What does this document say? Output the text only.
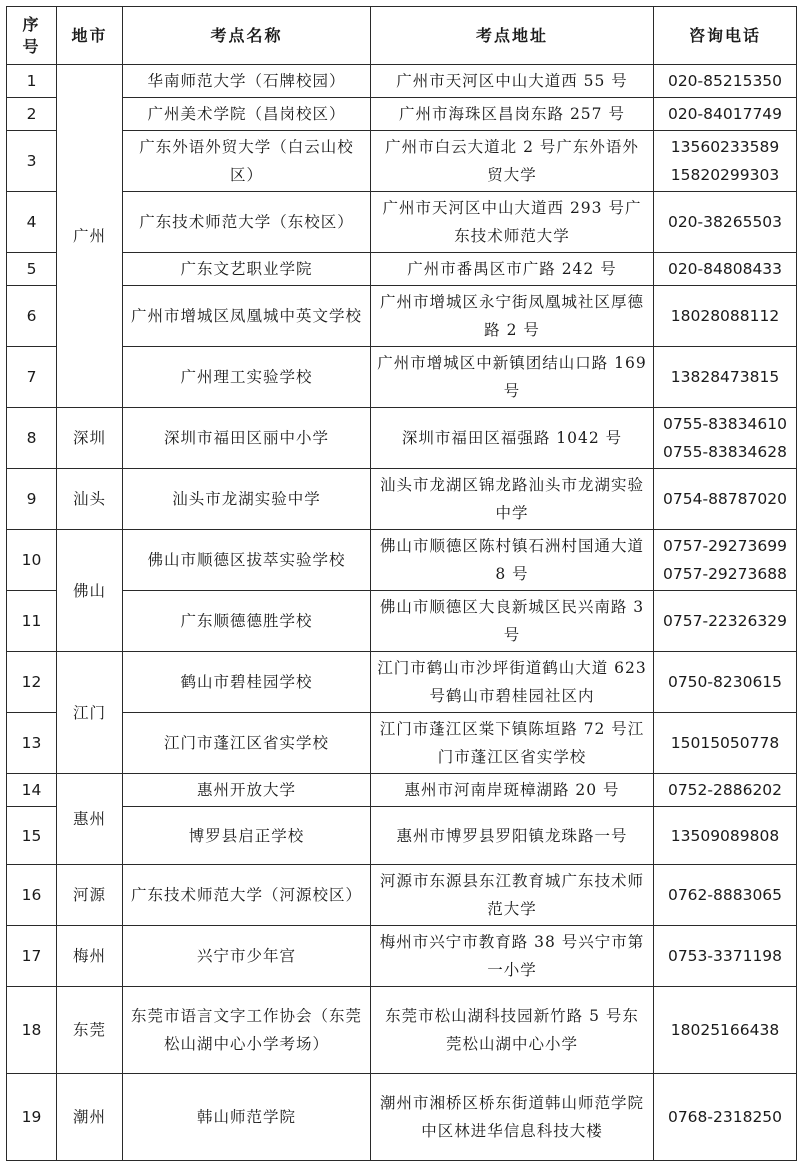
序号	地市	考点名称	考点地址	咨询电话
1	广州	华南师范大学（石牌校园）	广州市天河区中山大道西 55 号	020-85215350

2		广州美术学院（昌岗校区）	广州市海珠区昌岗东路 257 号	020-84017749

3		广东外语外贸大学（白云山校区）	广州市白云大道北 2 号广东外语外贸大学	13560233589
15820299303

4		广东技术师范大学（东校区）	广州市天河区中山大道西 293 号广东技术师范大学	020-38265503

5		广东文艺职业学院	广州市番禺区市广路 242 号	020-84808433

6		广州市增城区凤凰城中英文学校	广州市增城区永宁街凤凰城社区厚德路 2 号	18028088112

7		广州理工实验学校	广州市增城区中新镇团结山口路 169 号	13828473815

8	深圳	深圳市福田区丽中小学	深圳市福田区福强路 1042 号	0755-83834610
0755-83834628

9	汕头	汕头市龙湖实验中学	汕头市龙湖区锦龙路汕头市龙湖实验中学	0754-88787020

10	佛山	佛山市顺德区拔萃实验学校	佛山市顺德区陈村镇石洲村国通大道 8 号	0757-29273699
0757-29273688

11		广东顺德德胜学校	佛山市顺德区大良新城区民兴南路 3 号	0757-22326329

12	江门	鹤山市碧桂园学校	江门市鹤山市沙坪街道鹤山大道 623 号鹤山市碧桂园社区内	0750-8230615

13		江门市蓬江区省实学校	江门市蓬江区棠下镇陈垣路 72 号江门市蓬江区省实学校	15015050778

14	惠州	惠州开放大学	惠州市河南岸斑樟湖路 20 号	0752-2886202

15		博罗县启正学校	惠州市博罗县罗阳镇龙珠路一号	13509089808

16	河源	广东技术师范大学（河源校区）	河源市东源县东江教育城广东技术师范大学	0762-8883065

17	梅州	兴宁市少年宫	梅州市兴宁市教育路 38 号兴宁市第一小学	0753-3371198

18	东莞	东莞市语言文字工作协会（东莞松山湖中心小学考场）	东莞市松山湖科技园新竹路 5 号东莞松山湖中心小学	18025166438

19	潮州	韩山师范学院	潮州市湘桥区桥东街道韩山师范学院中区林进华信息科技大楼	0768-2318250
